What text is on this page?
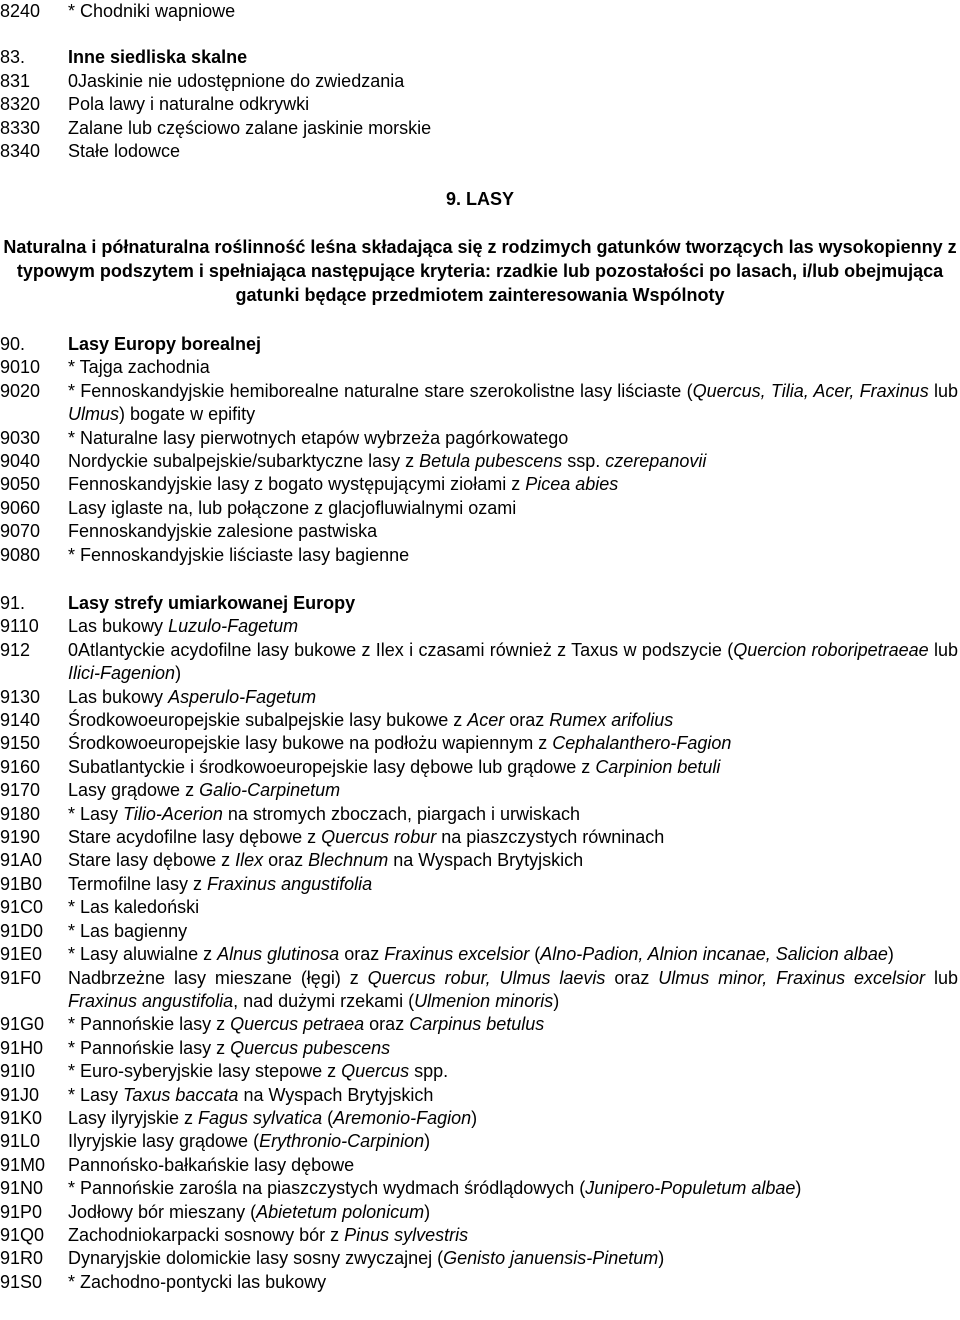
8240	* Chodniki wapniowe
83.	Inne siedliska skalne
831	0Jaskinie nie udostępnione do zwiedzania
8320	Pola lawy i naturalne odkrywki
8330	Zalane lub częściowo zalane jaskinie morskie
8340	Stałe lodowce
9. LASY
Naturalna i półnaturalna roślinność leśna składająca się z rodzimych gatunków tworzących las wysokopienny z typowym podszytem i spełniająca następujące kryteria: rzadkie lub pozostałości po lasach, i/lub obejmująca gatunki będące przedmiotem zainteresowania Wspólnoty
90.	Lasy Europy borealnej
9010	* Tajga zachodnia
9020	* Fennoskandyjskie hemiborealne naturalne stare szerokolistne lasy liściaste (Quercus, Tilia, Acer, Fraxinus lub Ulmus) bogate w epifity
9030	* Naturalne lasy pierwotnych etapów wybrzeża pagórkowatego
9040	Nordyckie subalpejskie/subarktyczne lasy z Betula pubescens ssp. czerepanovii
9050	Fennoskandyjskie lasy z bogato występującymi ziołami z Picea abies
9060	Lasy iglaste na, lub połączone z glacjofluwialnymi ozami
9070	Fennoskandyjskie zalesione pastwiska
9080	* Fennoskandyjskie liściaste lasy bagienne
91.	Lasy strefy umiarkowanej Europy
9110	Las bukowy Luzulo-Fagetum
912	0Atlantyckie acydofilne lasy bukowe z Ilex i czasami również z Taxus w podszycie (Quercion roboripetraeae lub Ilici-Fagenion)
9130	Las bukowy Asperulo-Fagetum
9140	Środkowoeuropejskie subalpejskie lasy bukowe z Acer oraz Rumex arifolius
9150	Środkowoeuropejskie lasy bukowe na podłożu wapiennym z Cephalanthero-Fagion
9160	Subatlantyckie i środkowoeuropejskie lasy dębowe lub grądowe z Carpinion betuli
9170	Lasy grądowe z Galio-Carpinetum
9180	* Lasy Tilio-Acerion na stromych zboczach, piargach i urwiskach
9190	Stare acydofilne lasy dębowe z Quercus robur na piaszczystych równinach
91A0	Stare lasy dębowe z Ilex oraz Blechnum na Wyspach Brytyjskich
91B0	Termofilne lasy z Fraxinus angustifolia
91C0	* Las kaledoński
91D0	* Las bagienny
91E0	* Lasy aluwialne z Alnus glutinosa oraz Fraxinus excelsior (Alno-Padion, Alnion incanae, Salicion albae)
91F0	Nadbrzeżne lasy mieszane (łęgi) z Quercus robur, Ulmus laevis oraz Ulmus minor, Fraxinus excelsior lub Fraxinus angustifolia, nad dużymi rzekami (Ulmenion minoris)
91G0	* Pannońskie lasy z Quercus petraea oraz Carpinus betulus
91H0	* Pannońskie lasy z Quercus pubescens
91I0	* Euro-syberyjskie lasy stepowe z Quercus spp.
91J0	* Lasy Taxus baccata na Wyspach Brytyjskich
91K0	Lasy ilyryjskie z Fagus sylvatica (Aremonio-Fagion)
91L0	Ilyryjskie lasy grądowe (Erythronio-Carpinion)
91M0	Pannońsko-bałkańskie lasy dębowe
91N0	* Pannońskie zarośla na piaszczystych wydmach śródlądowych (Junipero-Populetum albae)
91P0	Jodłowy bór mieszany (Abietetum polonicum)
91Q0	Zachodniokarpacki sosnowy bór z Pinus sylvestris
91R0	Dynaryjskie dolomickie lasy sosny zwyczajnej (Genisto januensis-Pinetum)
91S0	* Zachodno-pontycki las bukowy
